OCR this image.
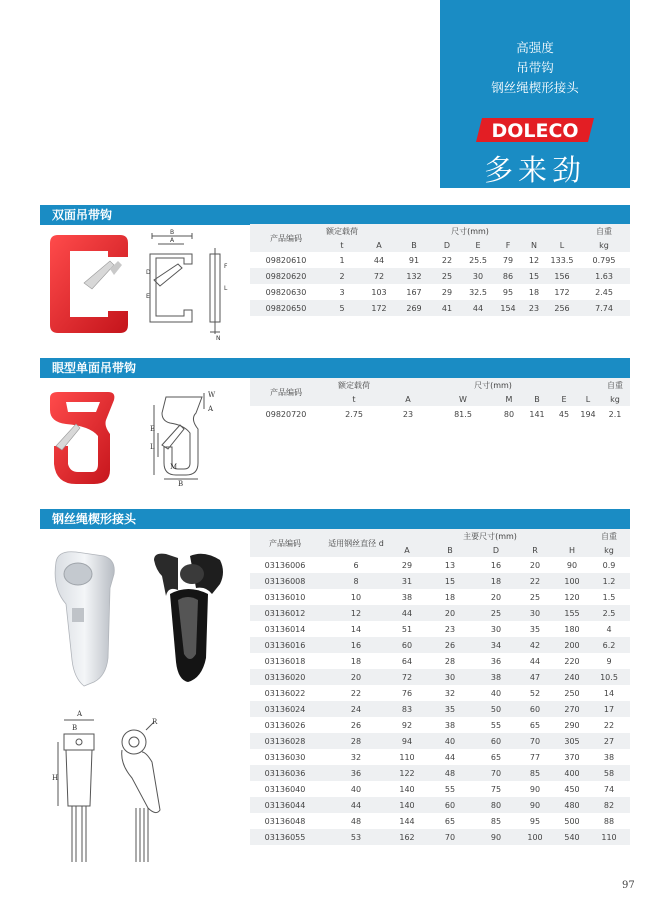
高强度
吊带钩
钢丝绳楔形接头
DOLECO
多来劲
双面吊带钩
B
A
D
E
L
F
N
产品编码	额定载荷	尺寸(mm)							自重
	t	A	B	D	E	F	N	L	kg
09820610	1	44	91	22	25.5	79	12	133.5	0.795
09820620	2	72	132	25	30	86	15	156	1.63
09820630	3	103	167	29	32.5	95	18	172	2.45
09820650	5	172	269	41	44	154	23	256	7.74
眼型单面吊带钩
W
A
E
L
M
B
产品编码	额定载荷	尺寸(mm)						自重
	t	A	W	M	B	E	L	kg
09820720	2.75	23	81.5	80	141	45	194	2.1
钢丝绳楔形接头
A
B
H
R
产品编码	适用钢丝直径 d	主要尺寸(mm)					自重
		A	B	D	R	H	kg
03136006	6	29	13	16	20	90	0.9
03136008	8	31	15	18	22	100	1.2
03136010	10	38	18	20	25	120	1.5
03136012	12	44	20	25	30	155	2.5
03136014	14	51	23	30	35	180	4
03136016	16	60	26	34	42	200	6.2
03136018	18	64	28	36	44	220	9
03136020	20	72	30	38	47	240	10.5
03136022	22	76	32	40	52	250	14
03136024	24	83	35	50	60	270	17
03136026	26	92	38	55	65	290	22
03136028	28	94	40	60	70	305	27
03136030	32	110	44	65	77	370	38
03136036	36	122	48	70	85	400	58
03136040	40	140	55	75	90	450	74
03136044	44	140	60	80	90	480	82
03136048	48	144	65	85	95	500	88
03136055	53	162	70	90	100	540	110
97
